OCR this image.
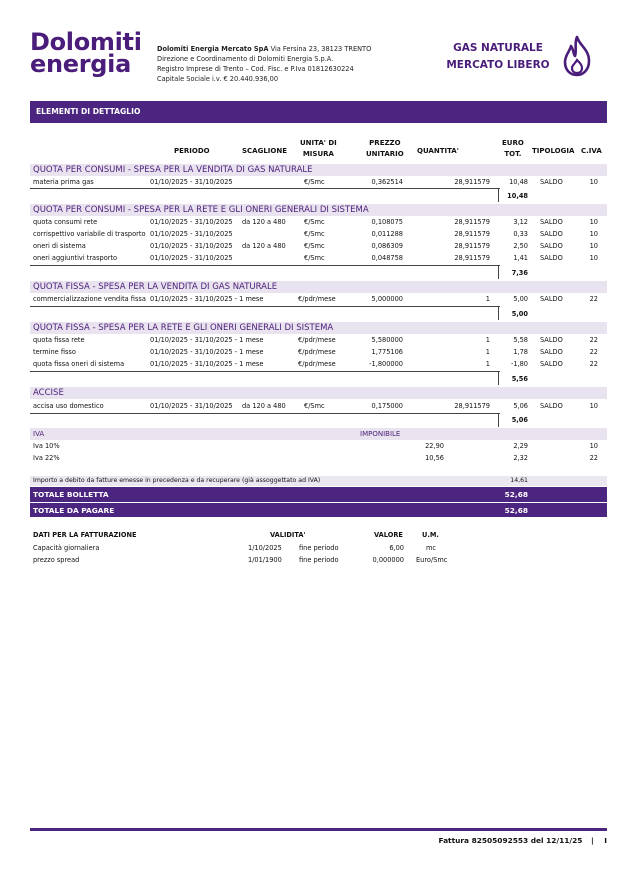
Dolomiti
energia
Dolomiti Energia Mercato SpA Via Fersina 23, 38123 TRENTO
Direzione e Coordinamento di Dolomiti Energia S.p.A.
Registro Imprese di Trento – Cod. Fisc. e P.Iva 01812630224
Capitale Sociale i.v. € 20.440.936,00
GAS NATURALE
MERCATO LIBERO
ELEMENTI DI DETTAGLIO
PERIODO	SCAGLIONE
UNITA' DI
MISURA
PREZZO
UNITARIO QUANTITA'
EURO
TOT.	TIPOLOGIA C.IVA
QUOTA PER CONSUMI - SPESA PER LA VENDITA DI GAS NATURALE
materia prima gas	01/10/2025 - 31/10/2025	€/Smc	0,362514	28,911579	10,48 SALDO	10
10,48
QUOTA PER CONSUMI - SPESA PER LA RETE E GLI ONERI GENERALI DI SISTEMA
quota consumi rete	01/10/2025 - 31/10/2025 da 120 a 480	€/Smc	0,108075	28,911579	3,12 SALDO	10
corrispettivo variabile di trasporto 01/10/2025 - 31/10/2025	€/Smc	0,011288	28,911579	0,33 SALDO	10
oneri di sistema	01/10/2025 - 31/10/2025 da 120 a 480	€/Smc	0,086309	28,911579	2,50 SALDO	10
oneri aggiuntivi trasporto	01/10/2025 - 31/10/2025	€/Smc	0,048758	28,911579	1,41 SALDO	10
7,36
QUOTA FISSA - SPESA PER LA VENDITA DI GAS NATURALE
commercializzazione vendita fissa 01/10/2025 - 31/10/2025 - 1 mese	€/pdr/mese	5,000000	1	5,00 SALDO	22
5,00
QUOTA FISSA - SPESA PER LA RETE E GLI ONERI GENERALI DI SISTEMA
quota fissa rete	01/10/2025 - 31/10/2025 - 1 mese	€/pdr/mese	5,580000	1	5,58 SALDO	22
termine fisso	01/10/2025 - 31/10/2025 - 1 mese	€/pdr/mese	1,775106	1	1,78 SALDO	22
quota fissa oneri di sistema	01/10/2025 - 31/10/2025 - 1 mese	€/pdr/mese	-1,800000	1	-1,80 SALDO	22
5,56
ACCISE
accisa uso domestico	01/10/2025 - 31/10/2025 da 120 a 480	€/Smc	0,175000	28,911579	5,06 SALDO	10
5,06
IVA	IMPONIBILE
Iva 10%	22,90	2,29	10
Iva 22%	10,56	2,32	22
Importo a debito da fatture emesse in precedenza e da recuperare (già assoggettato ad IVA)	14,61
TOTALE BOLLETTA	52,68
TOTALE DA PAGARE	52,68
DATI PER LA FATTURAZIONE	VALIDITA'	VALORE	U.M.
Capacità giornaliera	1/10/2025	fine periodo	6,00	mc
prezzo spread	1/01/1900	fine periodo	0,000000 Euro/Smc
Fattura 82505092553 del 12/11/25 | I
